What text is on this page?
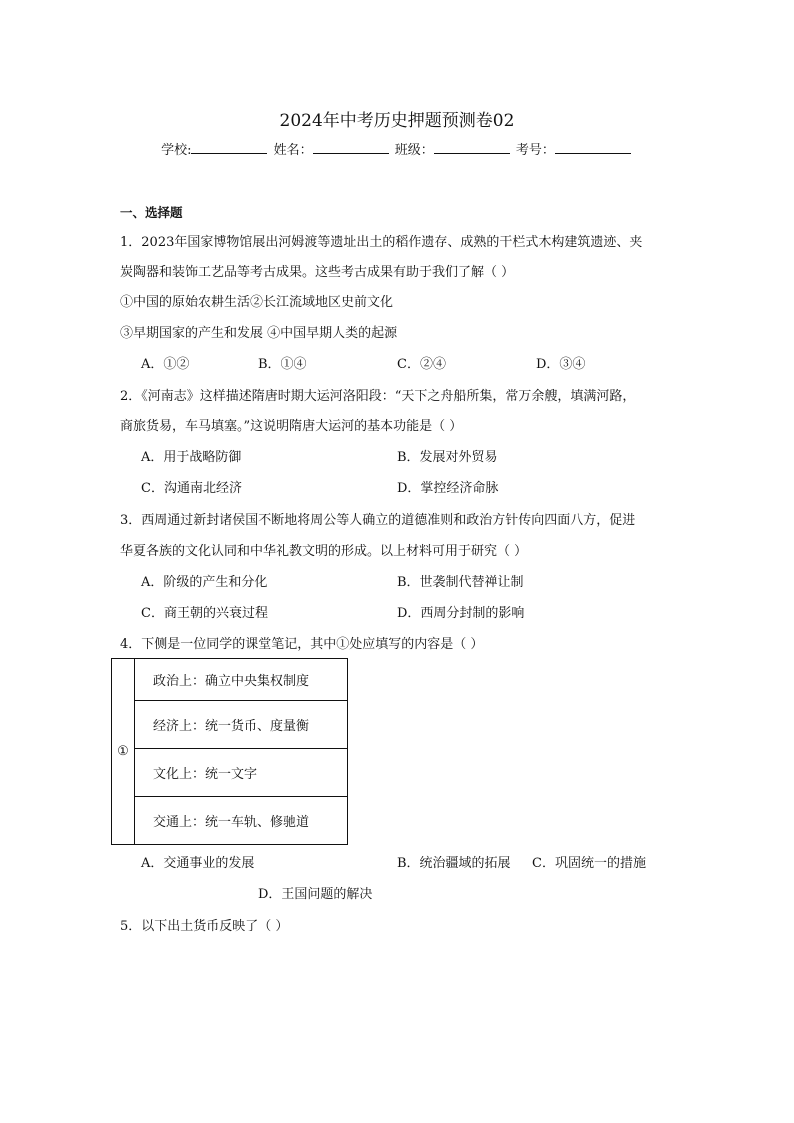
2024年中考历史押题预测卷02
学校:	姓名：	班级：	考号：
一、选择题
1．2023年国家博物馆展出河姆渡等遗址出土的稻作遗存、成熟的干栏式木构建筑遗迹、夹
炭陶器和装饰工艺品等考古成果。这些考古成果有助于我们了解（ ）
①中国的原始农耕生活②长江流域地区史前文化
③早期国家的产生和发展 ④中国早期人类的起源
A．①②	B．①④	C．②④	D．③④
2．《河南志》这样描述隋唐时期大运河洛阳段：“天下之舟船所集，常万余艘，填满河路，
商旅货易，车马填塞。”这说明隋唐大运河的基本功能是（ ）
A．用于战略防御	B．发展对外贸易
C．沟通南北经济	D．掌控经济命脉
3．西周通过新封诸侯国不断地将周公等人确立的道德准则和政治方针传向四面八方，促进
华夏各族的文化认同和中华礼教文明的形成。以上材料可用于研究（ ）
A．阶级的产生和分化	B．世袭制代替禅让制
C．商王朝的兴衰过程	D．西周分封制的影响
4．下侧是一位同学的课堂笔记，其中①处应填写的内容是（ ）
①	政治上：确立中央集权制度
经济上：统一货币、度量衡
文化上：统一文字
交通上：统一车轨、修驰道
A．交通事业的发展	B．统治疆域的拓展 C．巩固统一的措施
D．王国问题的解决
5．以下出土货币反映了（ ）
